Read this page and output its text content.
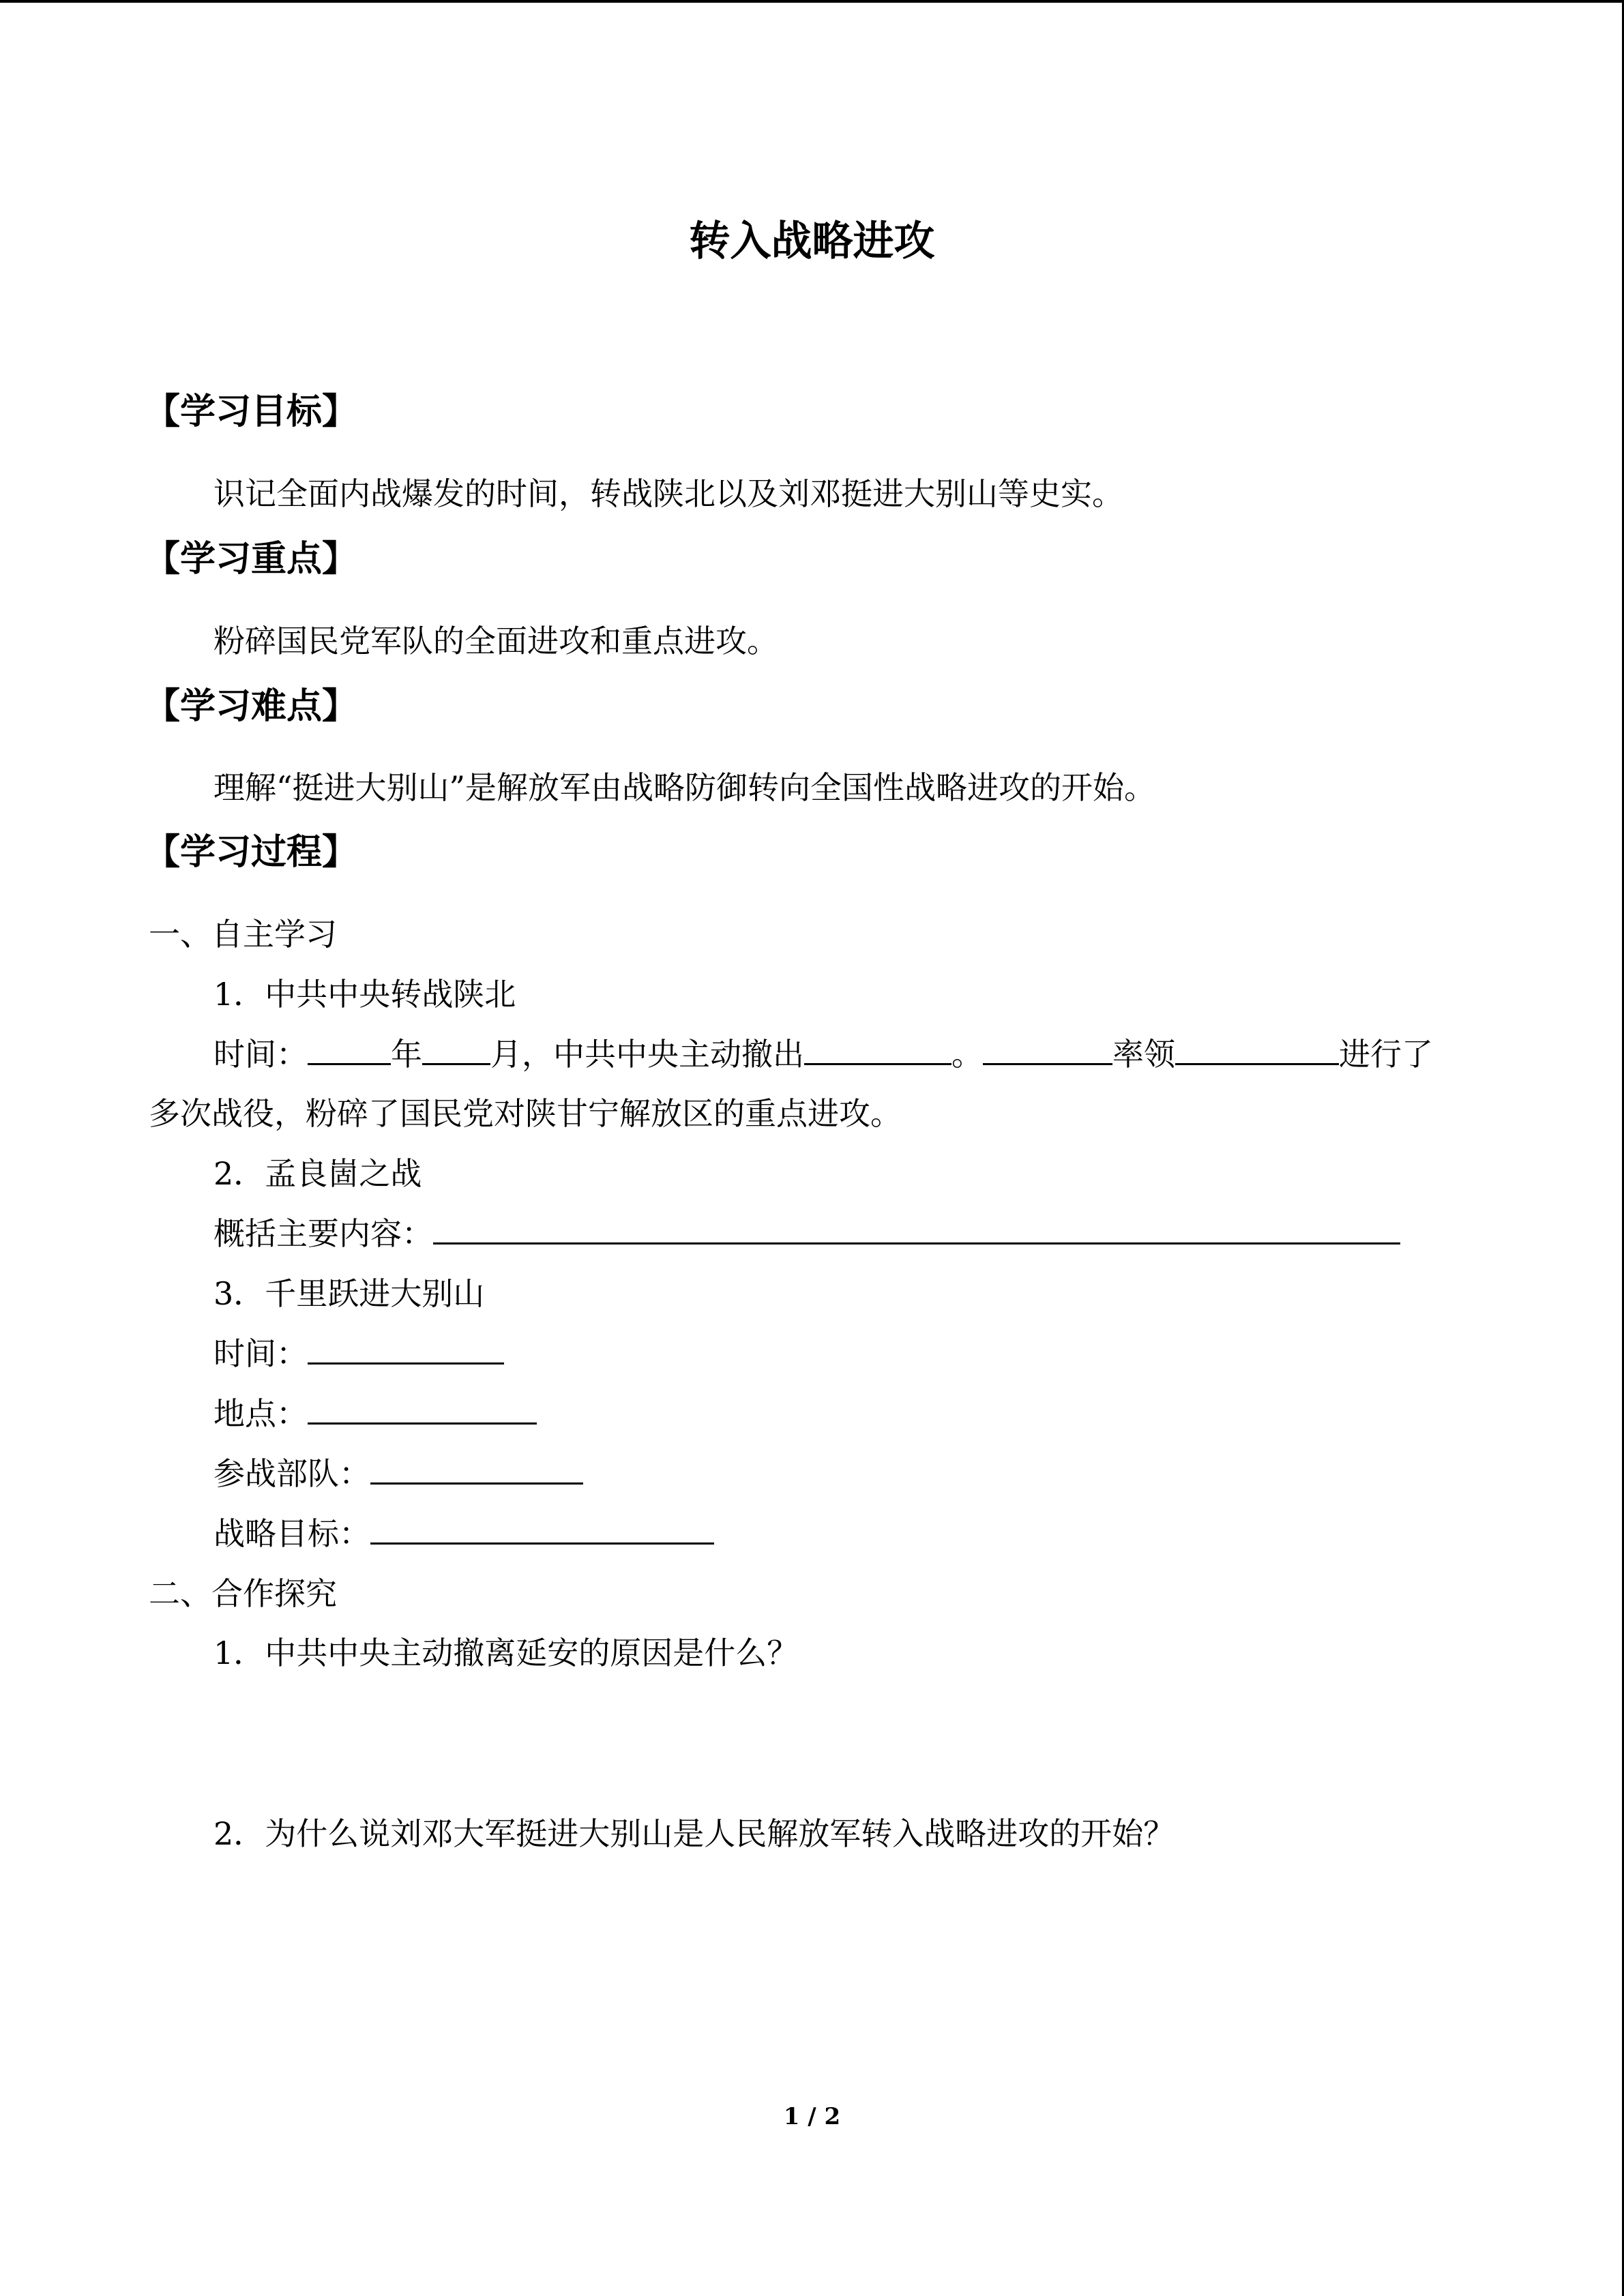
转入战略进攻
【学习目标】
识记全面内战爆发的时间，转战陕北以及刘邓挺进大别山等史实。
【学习重点】
粉碎国民党军队的全面进攻和重点进攻。
【学习难点】
理解“挺进大别山”是解放军由战略防御转向全国性战略进攻的开始。
【学习过程】
一、自主学习
1．中共中央转战陕北
时间：	年 月，中共中央主动撤出	。	率领	进行了
多次战役，粉碎了国民党对陕甘宁解放区的重点进攻。
2．孟良崮之战
概括主要内容：
3．千里跃进大别山
时间：
地点：
参战部队：
战略目标：
二、合作探究
1．中共中央主动撤离延安的原因是什么？
2．为什么说刘邓大军挺进大别山是人民解放军转入战略进攻的开始？
1 / 2
